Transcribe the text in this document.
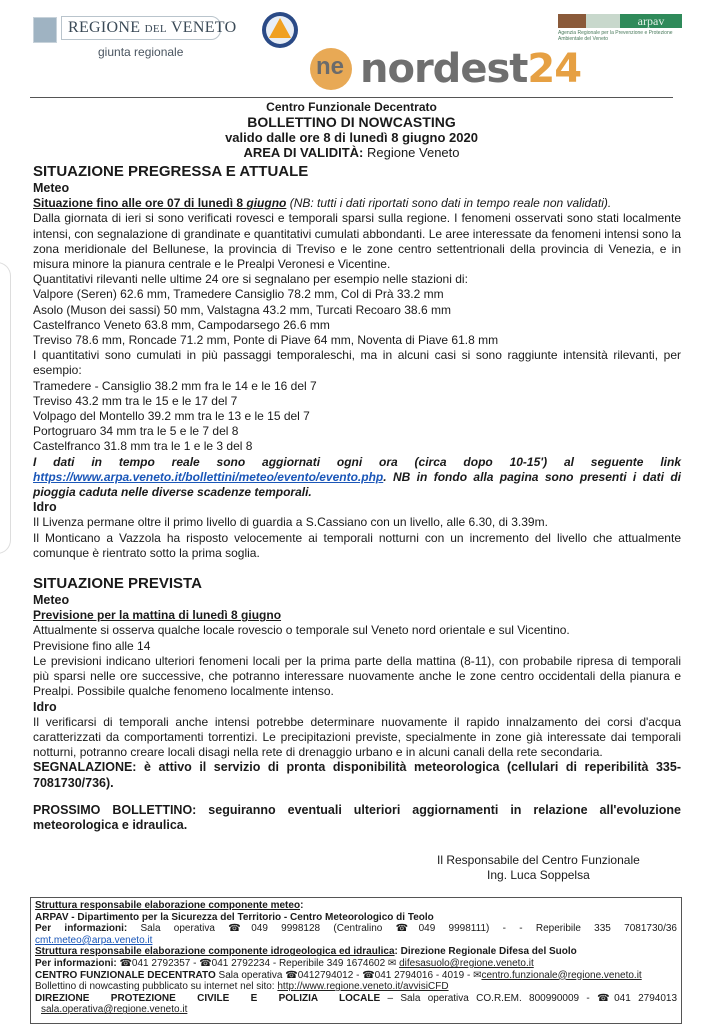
REGIONE DEL VENETO
giunta regionale
arpav
Agenzia Regionale per la Prevenzione e Protezione Ambientale del Veneto
ne nordest24
Centro Funzionale Decentrato
BOLLETTINO DI NOWCASTING
valido dalle ore 8 di lunedì 8 giugno 2020
AREA DI VALIDITÀ: Regione Veneto
SITUAZIONE PREGRESSA E ATTUALE
Meteo
Situazione fino alle ore 07 di lunedì 8 giugno (NB: tutti i dati riportati sono dati in tempo reale non validati).
Dalla giornata di ieri si sono verificati rovesci e temporali sparsi sulla regione. I fenomeni osservati sono stati localmente intensi, con segnalazione di grandinate e quantitativi cumulati abbondanti. Le aree interessate da fenomeni intensi sono la zona meridionale del Bellunese, la provincia di Treviso e le zone centro settentrionali della provincia di Venezia, e in misura minore la pianura centrale e le Prealpi Veronesi e Vicentine.
Quantitativi rilevanti nelle ultime 24 ore si segnalano per esempio nelle stazioni di:
Valpore (Seren) 62.6 mm, Tramedere Cansiglio 78.2 mm, Col di Prà 33.2 mm
Asolo (Muson dei sassi) 50 mm, Valstagna 43.2 mm, Turcati Recoaro 38.6 mm
Castelfranco Veneto 63.8 mm, Campodarsego 26.6 mm
Treviso 78.6 mm, Roncade 71.2 mm, Ponte di Piave 64 mm, Noventa di Piave 61.8 mm
I quantitativi sono cumulati in più passaggi temporaleschi, ma in alcuni casi si sono raggiunte intensità rilevanti, per esempio:
Tramedere - Cansiglio 38.2 mm fra le 14 e le 16 del 7
Treviso 43.2 mm tra le 15 e le 17 del 7
Volpago del Montello 39.2 mm tra le 13 e le 15 del 7
Portogruaro 34 mm tra le 5 e le 7 del 8
Castelfranco 31.8 mm tra le 1 e le 3 del 8
I dati in tempo reale sono aggiornati ogni ora (circa dopo 10-15') al seguente link https://www.arpa.veneto.it/bollettini/meteo/evento/evento.php. NB in fondo alla pagina sono presenti i dati di pioggia caduta nelle diverse scadenze temporali.
Idro
Il Livenza permane oltre il primo livello di guardia a S.Cassiano con un livello, alle 6.30, di 3.39m.
Il Monticano a Vazzola ha risposto velocemente ai temporali notturni con un incremento del livello che attualmente comunque è rientrato sotto la prima soglia.
SITUAZIONE PREVISTA
Meteo
Previsione per la mattina di lunedì 8 giugno
Attualmente si osserva qualche locale rovescio o temporale sul Veneto nord orientale e sul Vicentino.
Previsione fino alle 14
Le previsioni indicano ulteriori fenomeni locali per la prima parte della mattina (8-11), con probabile ripresa di temporali più sparsi nelle ore successive, che potranno interessare nuovamente anche le zone centro occidentali della pianura e Prealpi. Possibile qualche fenomeno localmente intenso.
Idro
Il verificarsi di temporali anche intensi potrebbe determinare nuovamente il rapido innalzamento dei corsi d'acqua caratterizzati da comportamenti torrentizi. Le precipitazioni previste, specialmente in zone già interessate dai temporali notturni, potranno creare locali disagi nella rete di drenaggio urbano e in alcuni canali della rete secondaria.
SEGNALAZIONE: è attivo il servizio di pronta disponibilità meteorologica (cellulari di reperibilità 335-7081730/736).
PROSSIMO BOLLETTINO: seguiranno eventuali ulteriori aggiornamenti in relazione all'evoluzione meteorologica e idraulica.
Il Responsabile del Centro Funzionale
Ing. Luca Soppelsa
Struttura responsabile elaborazione componente meteo:
ARPAV - Dipartimento per la Sicurezza del Territorio - Centro Meteorologico di Teolo
Per informazioni: Sala operativa ☎049 9998128 (Centralino ☎049 9998111) - - Reperibile 335 7081730/36
cmt.meteo@arpa.veneto.it
Struttura responsabile elaborazione componente idrogeologica ed idraulica: Direzione Regionale Difesa del Suolo
Per informazioni: ☎041 2792357 - ☎041 2792234 - Reperibile 349 1674602 ✉ difesasuolo@regione.veneto.it
CENTRO FUNZIONALE DECENTRATO Sala operativa ☎0412794012 - ☎041 2794016 - 4019 - ✉centro.funzionale@regione.veneto.it
Bollettino di nowcasting pubblicato su internet nel sito: http://www.regione.veneto.it/avvisiCFD
DIREZIONE PROTEZIONE CIVILE E POLIZIA LOCALE – Sala operativa CO.R.EM. 800990009 - ☎041 2794013
sala.operativa@regione.veneto.it
